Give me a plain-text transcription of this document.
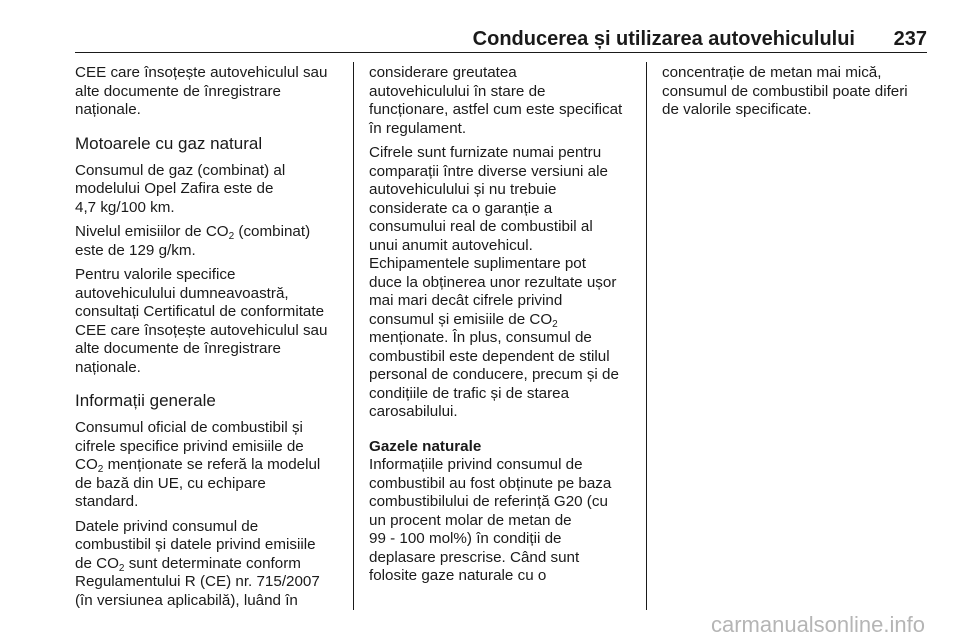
Conducerea și utilizarea autovehiculului	237

CEE care însoțește autovehiculul sau
alte documente de înregistrare
naționale.

Motoarele cu gaz natural

Consumul de gaz (combinat) al
modelului Opel Zafira este de
4,7 kg/100 km.

Nivelul emisiilor de $CO_2$ (combinat)
este de 129 g/km.

Pentru valorile specifice
autovehiculului dumneavoastră,
consultați Certificatul de conformitate
CEE care însoțește autovehiculul sau
alte documente de înregistrare
naționale.

Informații generale

Consumul oficial de combustibil și
cifrele specifice privind emisiile de
$CO_2$ menționate se referă la modelul
de bază din UE, cu echipare
standard.

Datele privind consumul de
combustibil și datele privind emisiile
de $CO_2$ sunt determinate conform
Regulamentului R (CE) nr. 715/2007
(în versiunea aplicabilă), luând în

considerare greutatea
autovehiculului în stare de
funcționare, astfel cum este specificat
în regulament.

Cifrele sunt furnizate numai pentru
comparații între diverse versiuni ale
autovehiculului și nu trebuie
considerate ca o garanție a
consumului real de combustibil al
unui anumit autovehicul.
Echipamentele suplimentare pot
duce la obținerea unor rezultate ușor
mai mari decât cifrele privind
consumul și emisiile de $CO_2$
menționate. În plus, consumul de
combustibil este dependent de stilul
personal de conducere, precum și de
condițiile de trafic și de starea
carosabilului.

Gazele naturale

Informațiile privind consumul de
combustibil au fost obținute pe baza
combustibilului de referință G20 (cu
un procent molar de metan de
99 - 100 mol%) în condiții de
deplasare prescrise. Când sunt
folosite gaze naturale cu o

concentrație de metan mai mică,
consumul de combustibil poate diferi
de valorile specificate.

carmanualsonline.info
